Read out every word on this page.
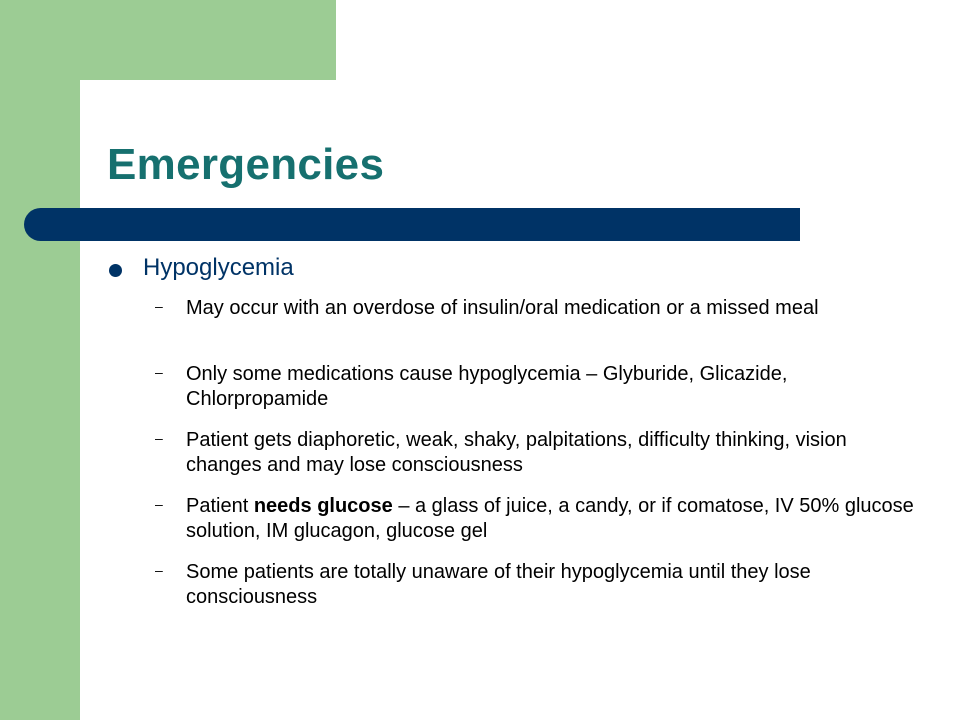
Emergencies

Hypoglycemia

– May occur with an overdose of insulin/oral medication or a missed meal

– Only some medications cause hypoglycemia – Glyburide, Glicazide, Chlorpropamide

– Patient gets diaphoretic, weak, shaky, palpitations, difficulty thinking, vision changes and may lose consciousness

– Patient needs glucose – a glass of juice, a candy, or if comatose, IV 50% glucose solution, IM glucagon, glucose gel

– Some patients are totally unaware of their hypoglycemia until they lose consciousness
